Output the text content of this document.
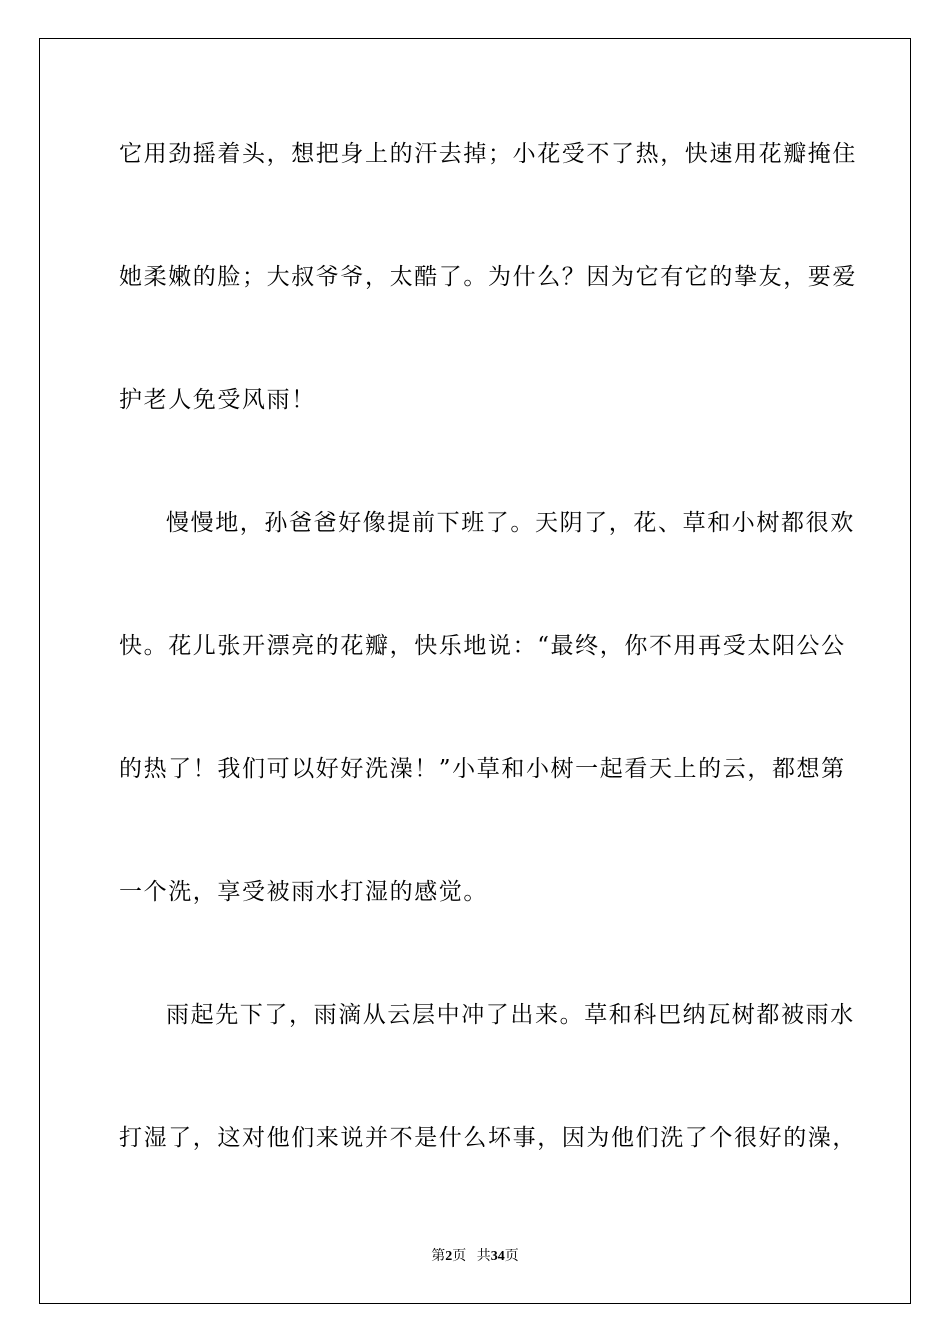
它用劲摇着头，想把身上的汗去掉；小花受不了热，快速用花瓣掩住
她柔嫩的脸；大叔爷爷，太酷了。为什么？因为它有它的挚友，要爱
护老人免受风雨！
慢慢地，孙爸爸好像提前下班了。天阴了，花、草和小树都很欢
快。花儿张开漂亮的花瓣，快乐地说：“最终，你不用再受太阳公公
的热了！我们可以好好洗澡！”小草和小树一起看天上的云，都想第
一个洗，享受被雨水打湿的感觉。
雨起先下了，雨滴从云层中冲了出来。草和科巴纳瓦树都被雨水
打湿了，这对他们来说并不是什么坏事，因为他们洗了个很好的澡，
第2页 共34页
